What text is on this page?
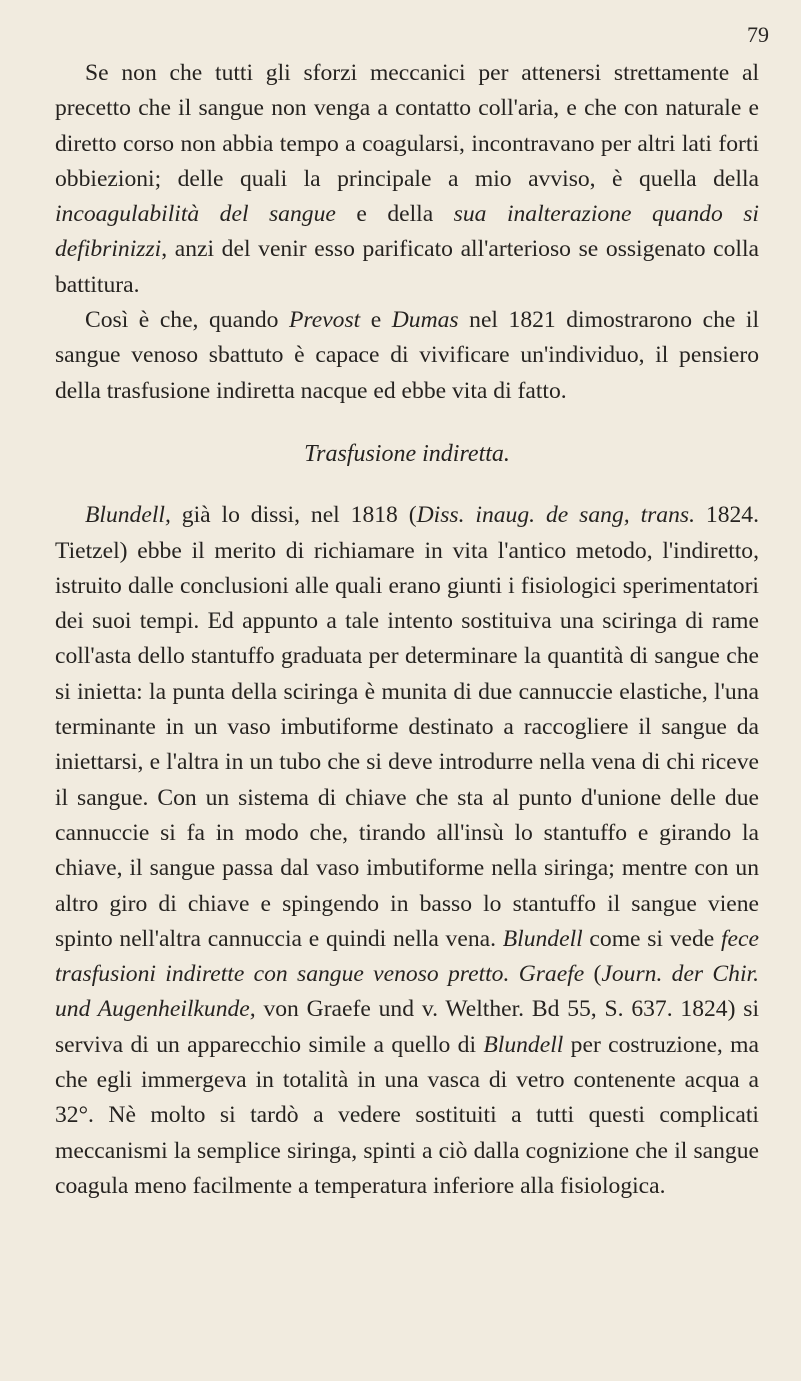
79

Se non che tutti gli sforzi meccanici per attenersi strettamente al precetto che il sangue non venga a contatto coll'aria, e che con naturale e diretto corso non abbia tempo a coagularsi, incontravano per altri lati forti obbiezioni; delle quali la principale a mio avviso, è quella della incoagulabilità del sangue e della sua inalterazione quando si defibrinizzi, anzi del venir esso parificato all'arterioso se ossigenato colla battitura.

Così è che, quando Prevost e Dumas nel 1821 dimostrarono che il sangue venoso sbattuto è capace di vivificare un'individuo, il pensiero della trasfusione indiretta nacque ed ebbe vita di fatto.

Trasfusione indiretta.

Blundell, già lo dissi, nel 1818 (Diss. inaug. de sang, trans. 1824. Tietzel) ebbe il merito di richiamare in vita l'antico metodo, l'indiretto, istruito dalle conclusioni alle quali erano giunti i fisiologici sperimentatori dei suoi tempi. Ed appunto a tale intento sostituiva una sciringa di rame coll'asta dello stantuffo graduata per determinare la quantità di sangue che si inietta: la punta della sciringa è munita di due cannuccie elastiche, l'una terminante in un vaso imbutiforme destinato a raccogliere il sangue da iniettarsi, e l'altra in un tubo che si deve introdurre nella vena di chi riceve il sangue. Con un sistema di chiave che sta al punto d'unione delle due cannuccie si fa in modo che, tirando all'insù lo stantuffo e girando la chiave, il sangue passa dal vaso imbutiforme nella siringa; mentre con un altro giro di chiave e spingendo in basso lo stantuffo il sangue viene spinto nell'altra cannuccia e quindi nella vena. Blundell come si vede fece trasfusioni indirette con sangue venoso pretto. Graefe (Journ. der Chir. und Augenheilkunde, von Graefe und v. Welther. Bd 55, S. 637. 1824) si serviva di un apparecchio simile a quello di Blundell per costruzione, ma che egli immergeva in totalità in una vasca di vetro contenente acqua a 32°. Nè molto si tardò a vedere sostituiti a tutti questi complicati meccanismi la semplice siringa, spinti a ciò dalla cognizione che il sangue coagula meno facilmente a temperatura inferiore alla fisiologica.
